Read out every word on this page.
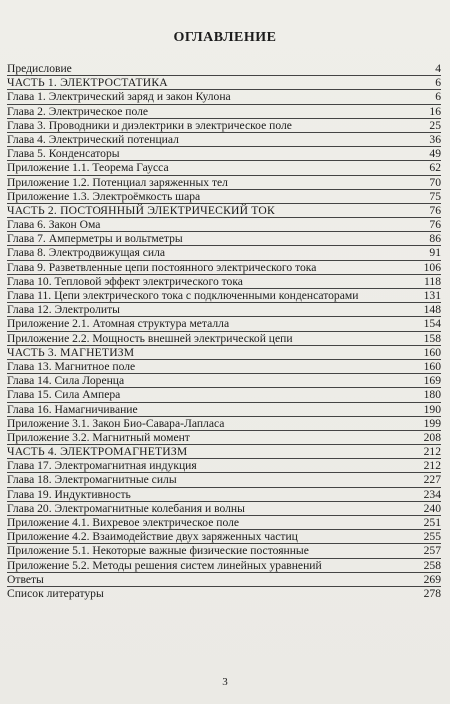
ОГЛАВЛЕНИЕ
Предисловие	4
ЧАСТЬ 1. ЭЛЕКТРОСТАТИКА	6
Глава 1. Электрический заряд и закон Кулона	6
Глава 2. Электрическое поле	16
Глава 3. Проводники и диэлектрики в электрическое поле	25
Глава 4. Электрический потенциал	36
Глава 5. Конденсаторы	49
Приложение 1.1. Теорема Гаусса	62
Приложение 1.2. Потенциал заряженных тел	70
Приложение 1.3. Электроёмкость шара	75
ЧАСТЬ 2. ПОСТОЯННЫЙ ЭЛЕКТРИЧЕСКИЙ ТОК	76
Глава 6. Закон Ома	76
Глава 7. Амперметры и вольтметры	86
Глава 8. Электродвижущая сила	91
Глава 9. Разветвленные цепи постоянного электрического тока	106
Глава 10. Тепловой эффект электрического тока	118
Глава 11. Цепи электрического тока с подключенными конденсаторами	131
Глава 12. Электролиты	148
Приложение 2.1. Атомная структура металла	154
Приложение 2.2. Мощность внешней электрической цепи	158
ЧАСТЬ 3. МАГНЕТИЗМ	160
Глава 13. Магнитное поле	160
Глава 14. Сила Лоренца	169
Глава 15. Сила Ампера	180
Глава 16. Намагничивание	190
Приложение 3.1. Закон Био-Савара-Лапласа	199
Приложение 3.2. Магнитный момент	208
ЧАСТЬ 4. ЭЛЕКТРОМАГНЕТИЗМ	212
Глава 17. Электромагнитная индукция	212
Глава 18. Электромагнитные силы	227
Глава 19. Индуктивность	234
Глава 20. Электромагнитные колебания и волны	240
Приложение 4.1. Вихревое электрическое поле	251
Приложение 4.2. Взаимодействие двух заряженных частиц	255
Приложение 5.1. Некоторые важные физические постоянные	257
Приложение 5.2. Методы решения систем линейных уравнений	258
Ответы	269
Список литературы	278
3
